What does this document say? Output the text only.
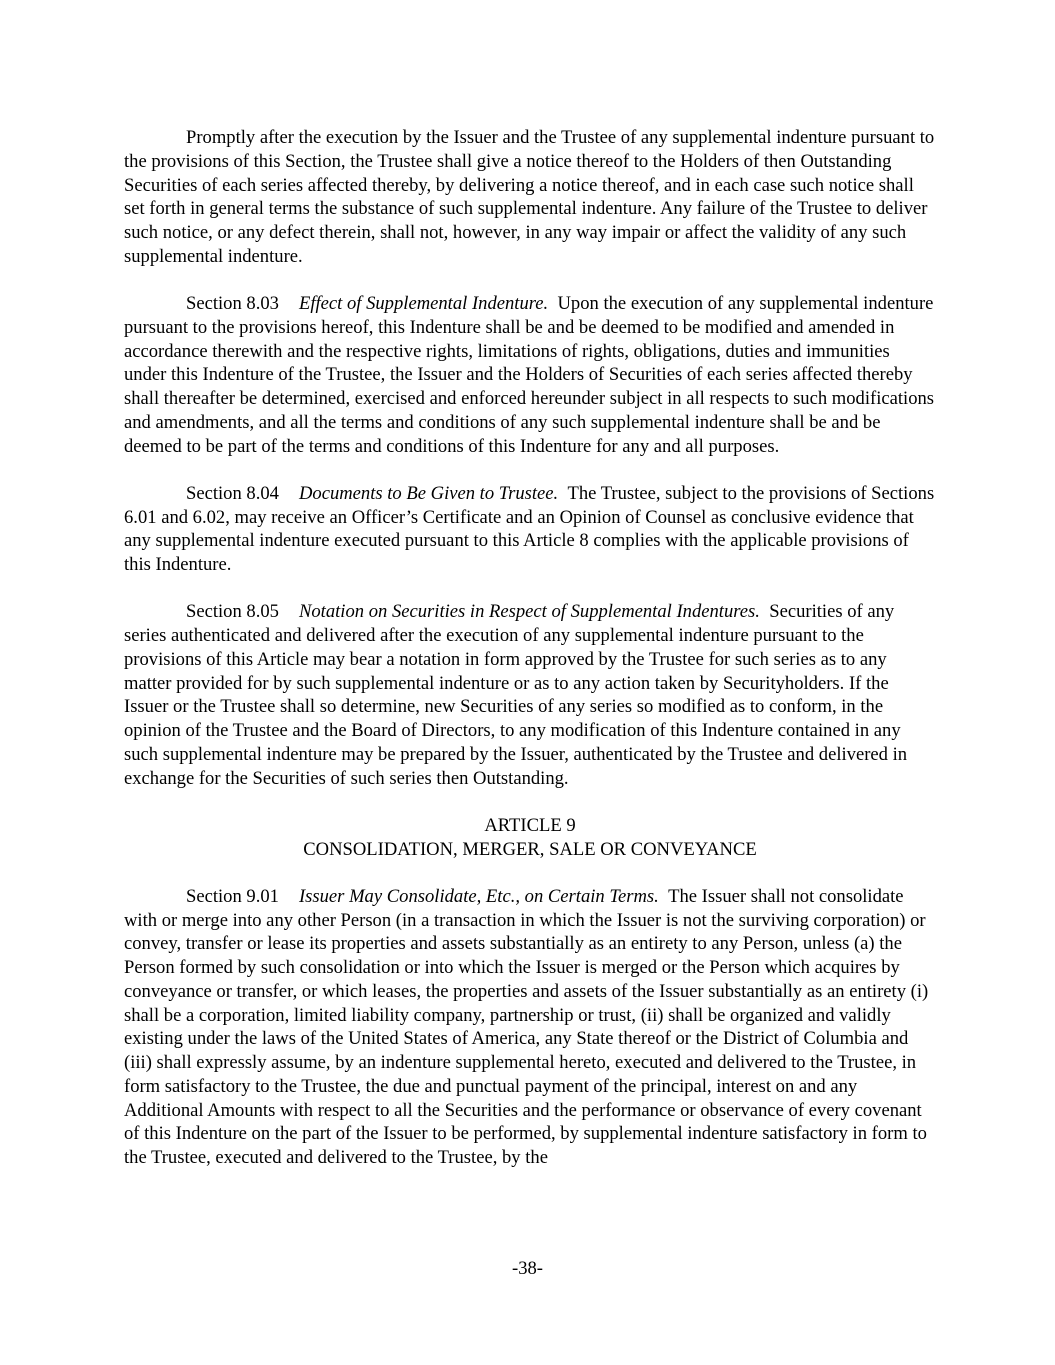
Promptly after the execution by the Issuer and the Trustee of any supplemental indenture pursuant to the provisions of this Section, the Trustee shall give a notice thereof to the Holders of then Outstanding Securities of each series affected thereby, by delivering a notice thereof, and in each case such notice shall set forth in general terms the substance of such supplemental indenture. Any failure of the Trustee to deliver such notice, or any defect therein, shall not, however, in any way impair or affect the validity of any such supplemental indenture.

Section 8.03 Effect of Supplemental Indenture. Upon the execution of any supplemental indenture pursuant to the provisions hereof, this Indenture shall be and be deemed to be modified and amended in accordance therewith and the respective rights, limitations of rights, obligations, duties and immunities under this Indenture of the Trustee, the Issuer and the Holders of Securities of each series affected thereby shall thereafter be determined, exercised and enforced hereunder subject in all respects to such modifications and amendments, and all the terms and conditions of any such supplemental indenture shall be and be deemed to be part of the terms and conditions of this Indenture for any and all purposes.

Section 8.04 Documents to Be Given to Trustee. The Trustee, subject to the provisions of Sections 6.01 and 6.02, may receive an Officer’s Certificate and an Opinion of Counsel as conclusive evidence that any supplemental indenture executed pursuant to this Article 8 complies with the applicable provisions of this Indenture.

Section 8.05 Notation on Securities in Respect of Supplemental Indentures. Securities of any series authenticated and delivered after the execution of any supplemental indenture pursuant to the provisions of this Article may bear a notation in form approved by the Trustee for such series as to any matter provided for by such supplemental indenture or as to any action taken by Securityholders. If the Issuer or the Trustee shall so determine, new Securities of any series so modified as to conform, in the opinion of the Trustee and the Board of Directors, to any modification of this Indenture contained in any such supplemental indenture may be prepared by the Issuer, authenticated by the Trustee and delivered in exchange for the Securities of such series then Outstanding.

ARTICLE 9
CONSOLIDATION, MERGER, SALE OR CONVEYANCE

Section 9.01 Issuer May Consolidate, Etc., on Certain Terms. The Issuer shall not consolidate with or merge into any other Person (in a transaction in which the Issuer is not the surviving corporation) or convey, transfer or lease its properties and assets substantially as an entirety to any Person, unless (a) the Person formed by such consolidation or into which the Issuer is merged or the Person which acquires by conveyance or transfer, or which leases, the properties and assets of the Issuer substantially as an entirety (i) shall be a corporation, limited liability company, partnership or trust, (ii) shall be organized and validly existing under the laws of the United States of America, any State thereof or the District of Columbia and (iii) shall expressly assume, by an indenture supplemental hereto, executed and delivered to the Trustee, in form satisfactory to the Trustee, the due and punctual payment of the principal, interest on and any Additional Amounts with respect to all the Securities and the performance or observance of every covenant of this Indenture on the part of the Issuer to be performed, by supplemental indenture satisfactory in form to the Trustee, executed and delivered to the Trustee, by the

-38-
